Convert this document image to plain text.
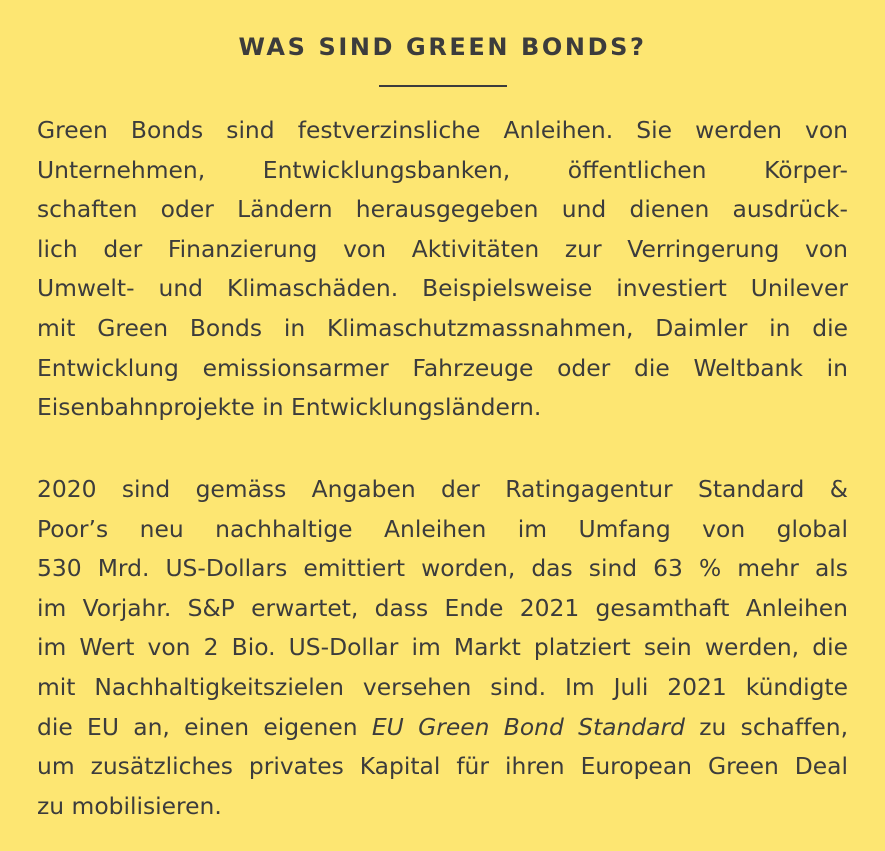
WAS SIND GREEN BONDS?

Green Bonds sind festverzinsliche Anleihen. Sie werden von
Unternehmen, Entwicklungsbanken, öffentlichen Körper-
schaften oder Ländern herausgegeben und dienen ausdrück-
lich der Finanzierung von Aktivitäten zur Verringerung von
Umwelt- und Klimaschäden. Beispielsweise investiert Unilever
mit Green Bonds in Klimaschutzmassnahmen, Daimler in die
Entwicklung emissionsarmer Fahrzeuge oder die Weltbank in
Eisenbahnprojekte in Entwicklungsländern.

2020 sind gemäss Angaben der Ratingagentur Standard &
Poor’s neu nachhaltige Anleihen im Umfang von global
530 Mrd. US-Dollars emittiert worden, das sind 63 % mehr als
im Vorjahr. S&P erwartet, dass Ende 2021 gesamthaft Anleihen
im Wert von 2 Bio. US-Dollar im Markt platziert sein werden, die
mit Nachhaltigkeitszielen versehen sind. Im Juli 2021 kündigte
die EU an, einen eigenen EU Green Bond Standard zu schaffen,
um zusätzliches privates Kapital für ihren European Green Deal
zu mobilisieren.
